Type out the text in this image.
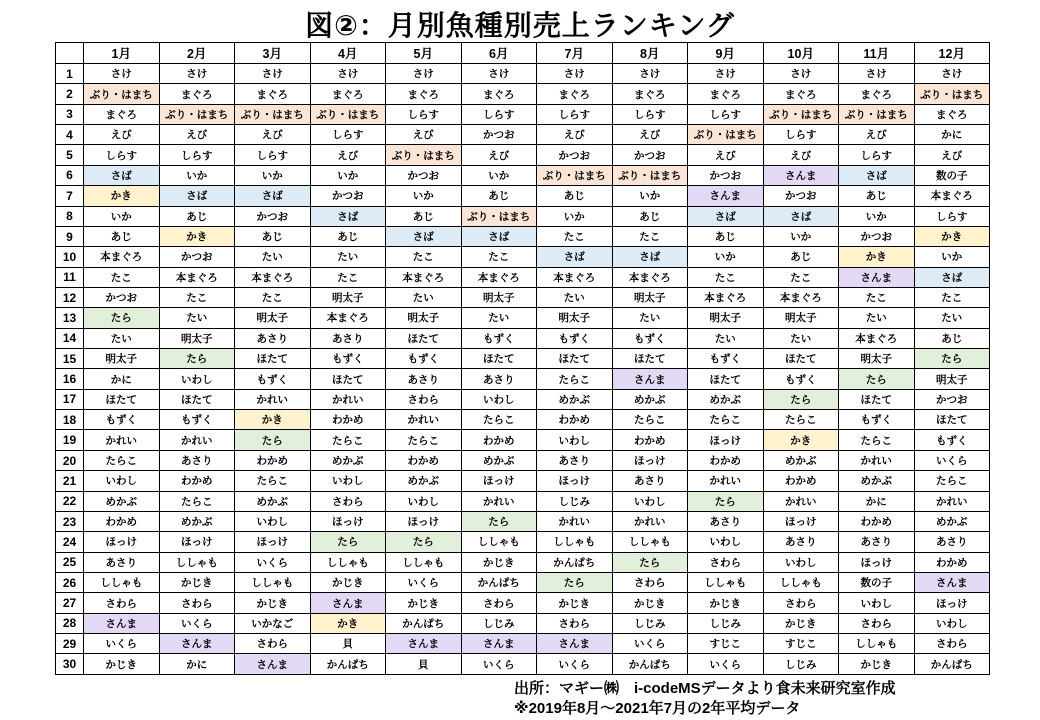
図②：月別魚種別売上ランキング
	1月	2月	3月	4月	5月	6月	7月	8月	9月	10月	11月	12月
1	さけ	さけ	さけ	さけ	さけ	さけ	さけ	さけ	さけ	さけ	さけ	さけ
2	ぶり・はまち	まぐろ	まぐろ	まぐろ	まぐろ	まぐろ	まぐろ	まぐろ	まぐろ	まぐろ	まぐろ	ぶり・はまち
3	まぐろ	ぶり・はまち	ぶり・はまち	ぶり・はまち	しらす	しらす	しらす	しらす	しらす	ぶり・はまち	ぶり・はまち	まぐろ
4	えび	えび	えび	しらす	えび	かつお	えび	えび	ぶり・はまち	しらす	えび	かに
5	しらす	しらす	しらす	えび	ぶり・はまち	えび	かつお	かつお	えび	えび	しらす	えび
6	さば	いか	いか	いか	かつお	いか	ぶり・はまち	ぶり・はまち	かつお	さんま	さば	数の子
7	かき	さば	さば	かつお	いか	あじ	あじ	いか	さんま	かつお	あじ	本まぐろ
8	いか	あじ	かつお	さば	あじ	ぶり・はまち	いか	あじ	さば	さば	いか	しらす
9	あじ	かき	あじ	あじ	さば	さば	たこ	たこ	あじ	いか	かつお	かき
10	本まぐろ	かつお	たい	たい	たこ	たこ	さば	さば	いか	あじ	かき	いか
11	たこ	本まぐろ	本まぐろ	たこ	本まぐろ	本まぐろ	本まぐろ	本まぐろ	たこ	たこ	さんま	さば
12	かつお	たこ	たこ	明太子	たい	明太子	たい	明太子	本まぐろ	本まぐろ	たこ	たこ
13	たら	たい	明太子	本まぐろ	明太子	たい	明太子	たい	明太子	明太子	たい	たい
14	たい	明太子	あさり	あさり	ほたて	もずく	もずく	もずく	たい	たい	本まぐろ	あじ
15	明太子	たら	ほたて	もずく	もずく	ほたて	ほたて	ほたて	もずく	ほたて	明太子	たら
16	かに	いわし	もずく	ほたて	あさり	あさり	たらこ	さんま	ほたて	もずく	たら	明太子
17	ほたて	ほたて	かれい	かれい	さわら	いわし	めかぶ	めかぶ	めかぶ	たら	ほたて	かつお
18	もずく	もずく	かき	わかめ	かれい	たらこ	わかめ	たらこ	たらこ	たらこ	もずく	ほたて
19	かれい	かれい	たら	たらこ	たらこ	わかめ	いわし	わかめ	ほっけ	かき	たらこ	もずく
20	たらこ	あさり	わかめ	めかぶ	わかめ	めかぶ	あさり	ほっけ	わかめ	めかぶ	かれい	いくら
21	いわし	わかめ	たらこ	いわし	めかぶ	ほっけ	ほっけ	あさり	かれい	わかめ	めかぶ	たらこ
22	めかぶ	たらこ	めかぶ	さわら	いわし	かれい	しじみ	いわし	たら	かれい	かに	かれい
23	わかめ	めかぶ	いわし	ほっけ	ほっけ	たら	かれい	かれい	あさり	ほっけ	わかめ	めかぶ
24	ほっけ	ほっけ	ほっけ	たら	たら	ししゃも	ししゃも	ししゃも	いわし	あさり	あさり	あさり
25	あさり	ししゃも	いくら	ししゃも	ししゃも	かじき	かんぱち	たら	さわら	いわし	ほっけ	わかめ
26	ししゃも	かじき	ししゃも	かじき	いくら	かんぱち	たら	さわら	ししゃも	ししゃも	数の子	さんま
27	さわら	さわら	かじき	さんま	かじき	さわら	かじき	かじき	かじき	さわら	いわし	ほっけ
28	さんま	いくら	いかなご	かき	かんぱち	しじみ	さわら	しじみ	しじみ	かじき	さわら	いわし
29	いくら	さんま	さわら	貝	さんま	さんま	さんま	いくら	すじこ	すじこ	ししゃも	さわら
30	かじき	かに	さんま	かんぱち	貝	いくら	いくら	かんぱち	いくら	しじみ	かじき	かんぱち
出所：マギー㈱　i-codeMSデータより食未来研究室作成
※2019年8月～2021年7月の2年平均データ
